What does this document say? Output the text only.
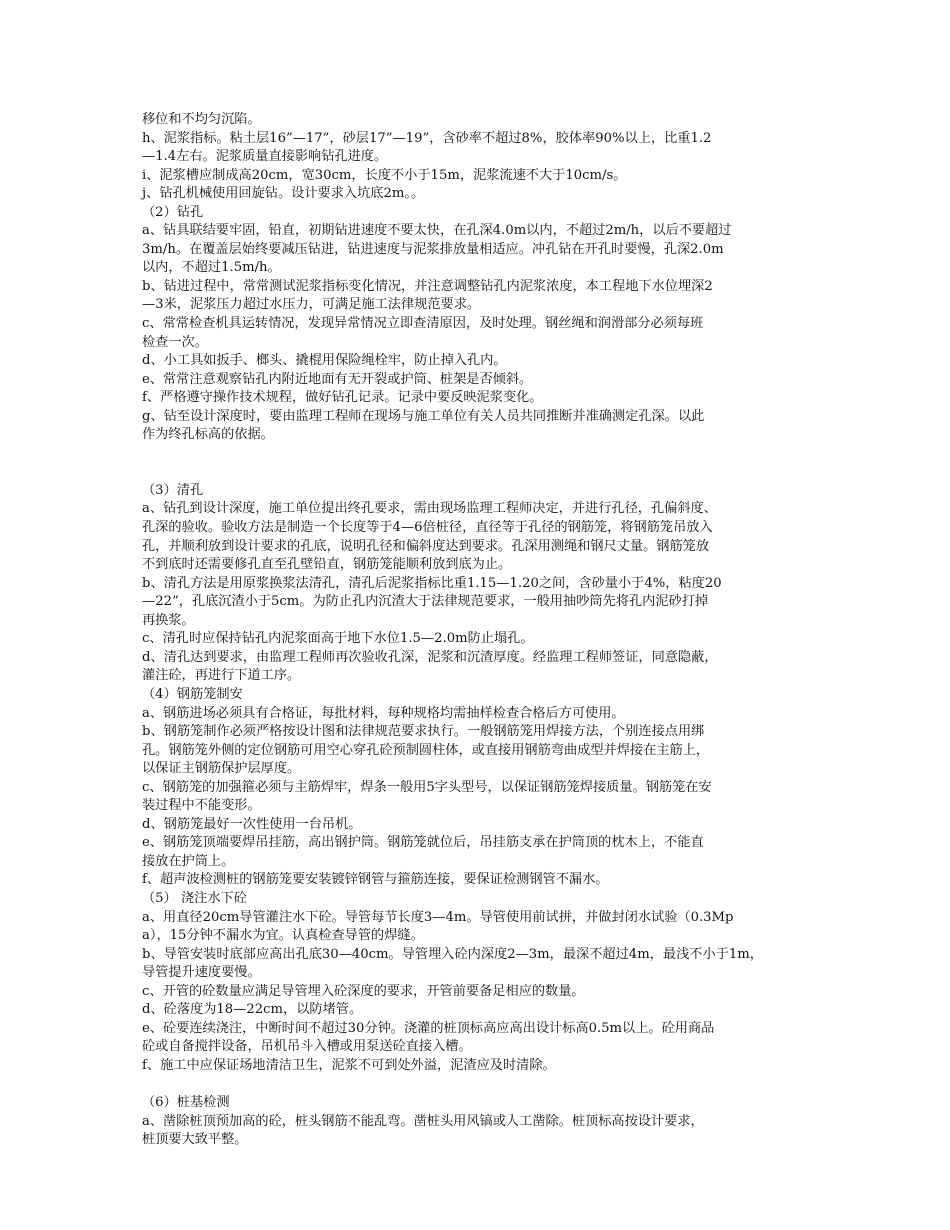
移位和不均匀沉陷。
h、泥浆指标。粘土层16”—17”，砂层17”—19”，含砂率不超过8%，胶体率90%以上，比重1.2
—1.4左右。泥浆质量直接影响钻孔进度。
i、泥浆槽应制成高20cm，宽30cm，长度不小于15m，泥浆流速不大于10cm/s。
j、钻孔机械使用回旋钻。设计要求入坑底2m。。
（2）钻孔
a、钻具联结要牢固，铅直，初期钻进速度不要太快，在孔深4.0m以内，不超过2m/h，以后不要超过
3m/h。在覆盖层始终要减压钻进，钻进速度与泥浆排放量相适应。冲孔钻在开孔时要慢，孔深2.0m
以内，不超过1.5m/h。
b、钻进过程中，常常测试泥浆指标变化情况，并注意调整钻孔内泥浆浓度，本工程地下水位埋深2
—3米，泥浆压力超过水压力，可满足施工法律规范要求。
c、常常检查机具运转情况，发现异常情况立即查清原因，及时处理。钢丝绳和润滑部分必须每班
检查一次。
d、小工具如扳手、榔头、撬棍用保险绳栓牢，防止掉入孔内。
e、常常注意观察钻孔内附近地面有无开裂或护筒、桩架是否倾斜。
f、严格遵守操作技术规程，做好钻孔记录。记录中要反映泥浆变化。
g、钻至设计深度时，要由监理工程师在现场与施工单位有关人员共同推断并准确测定孔深。以此
作为终孔标高的依据。
（3）清孔
a、钻孔到设计深度，施工单位提出终孔要求，需由现场监理工程师决定，并进行孔径，孔偏斜度、
孔深的验收。验收方法是制造一个长度等于4—6倍桩径，直径等于孔径的钢筋笼，将钢筋笼吊放入
孔，并顺利放到设计要求的孔底，说明孔径和偏斜度达到要求。孔深用测绳和钢尺丈量。钢筋笼放
不到底时还需要修孔直至孔壁铅直，钢筋笼能顺利放到底为止。
b、清孔方法是用原浆换浆法清孔，清孔后泥浆指标比重1.15—1.20之间，含砂量小于4%，粘度20
—22”，孔底沉渣小于5cm。为防止孔内沉渣大于法律规范要求，一般用抽吵筒先将孔内泥砂打掉
再换浆。
c、清孔时应保持钻孔内泥浆面高于地下水位1.5—2.0m防止塌孔。
d、清孔达到要求，由监理工程师再次验收孔深，泥浆和沉渣厚度。经监理工程师签证，同意隐蔽，
灌注砼，再进行下道工序。
（4）钢筋笼制安
a、钢筋进场必须具有合格证，每批材料，每种规格均需抽样检查合格后方可使用。
b、钢筋笼制作必须严格按设计图和法律规范要求执行。一般钢筋笼用焊接方法，个别连接点用绑
孔。钢筋笼外侧的定位钢筋可用空心穿孔砼预制圆柱体，或直接用钢筋弯曲成型并焊接在主筋上，
以保证主钢筋保护层厚度。
c、钢筋笼的加强箍必须与主筋焊牢，焊条一般用5字头型号，以保证钢筋笼焊接质量。钢筋笼在安
装过程中不能变形。
d、钢筋笼最好一次性使用一台吊机。
e、钢筋笼顶端要焊吊挂筋，高出钢护筒。钢筋笼就位后，吊挂筋支承在护筒顶的枕木上，不能直
接放在护筒上。
f、超声波检测桩的钢筋笼要安装镀锌钢管与箍筋连接，要保证检测钢管不漏水。
（5） 浇注水下砼
a、用直径20cm导管灌注水下砼。导管每节长度3—4m。导管使用前试拼，并做封闭水试验（0.3Mp
a），15分钟不漏水为宜。认真检查导管的焊缝。
b、导管安装时底部应高出孔底30—40cm。导管埋入砼内深度2—3m，最深不超过4m，最浅不小于1m，
导管提升速度要慢。
c、开管的砼数量应满足导管埋入砼深度的要求，开管前要备足相应的数量。
d、砼落度为18—22cm，以防堵管。
e、砼要连续浇注，中断时间不超过30分钟。浇灌的桩顶标高应高出设计标高0.5m以上。砼用商品
砼或自备搅拌设备，吊机吊斗入槽或用泵送砼直接入槽。
f、施工中应保证场地清洁卫生，泥浆不可到处外溢，泥渣应及时清除。
（6）桩基检测
a、凿除桩顶预加高的砼，桩头钢筋不能乱弯。凿桩头用风镐或人工凿除。桩顶标高按设计要求，
桩顶要大致平整。
